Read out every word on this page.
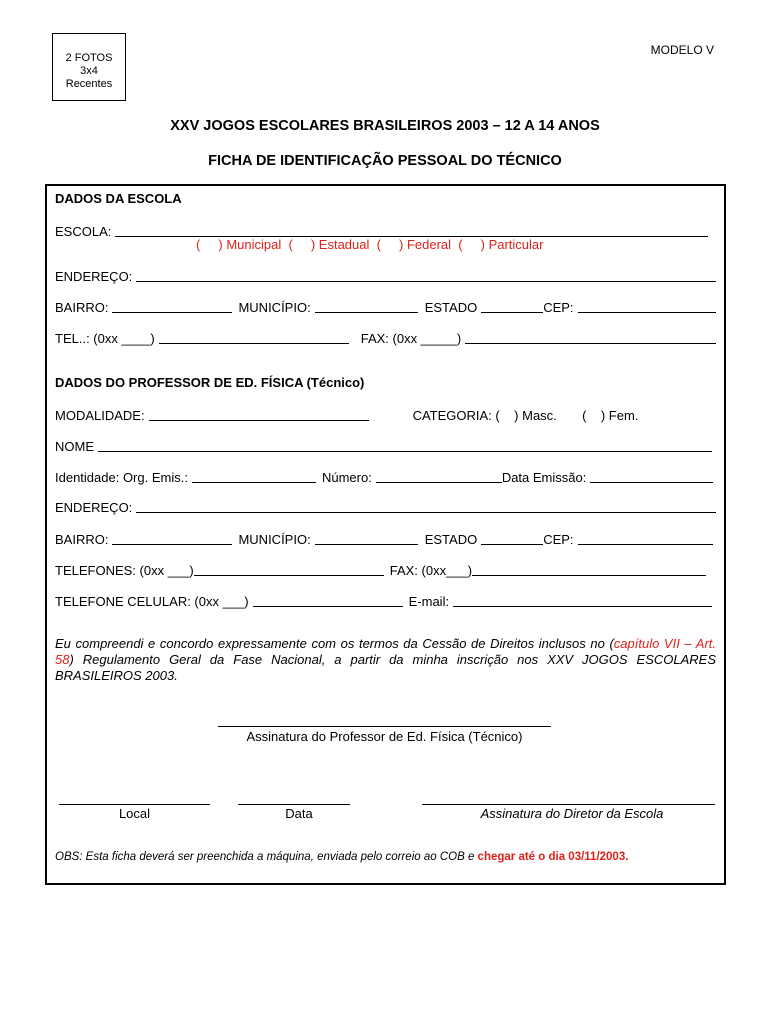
2 FOTOS
3x4
Recentes
MODELO V
XXV JOGOS ESCOLARES BRASILEIROS 2003 – 12 A 14 ANOS
FICHA DE IDENTIFICAÇÃO PESSOAL DO TÉCNICO
DADOS DA ESCOLA
ESCOLA:
(     ) Municipal  (     ) Estadual  (     ) Federal  (     ) Particular
ENDEREÇO:
BAIRRO:	MUNICÍPIO:	ESTADO	CEP:
TEL..: (0xx ____)	FAX: (0xx _____)
DADOS DO PROFESSOR DE ED. FÍSICA (Técnico)
MODALIDADE:	CATEGORIA: (    ) Masc.       (    ) Fem.
NOME
Identidade: Org. Emis.:	Número:	Data Emissão:
ENDEREÇO:
BAIRRO:	MUNICÍPIO:	ESTADO	CEP:
TELEFONES: (0xx ___)	FAX: (0xx___)
TELEFONE CELULAR: (0xx ___)	E-mail:
Eu compreendi e concordo expressamente com os termos da Cessão de Direitos inclusos no (capítulo VII – Art. 58) Regulamento Geral da Fase Nacional, a partir da minha inscrição nos XXV JOGOS ESCOLARES BRASILEIROS 2003.
Assinatura do Professor de Ed. Física (Técnico)
Local	Data	Assinatura do Diretor da Escola
OBS: Esta ficha deverá ser preenchida a máquina, enviada pelo correio ao COB e chegar até o dia 03/11/2003.
